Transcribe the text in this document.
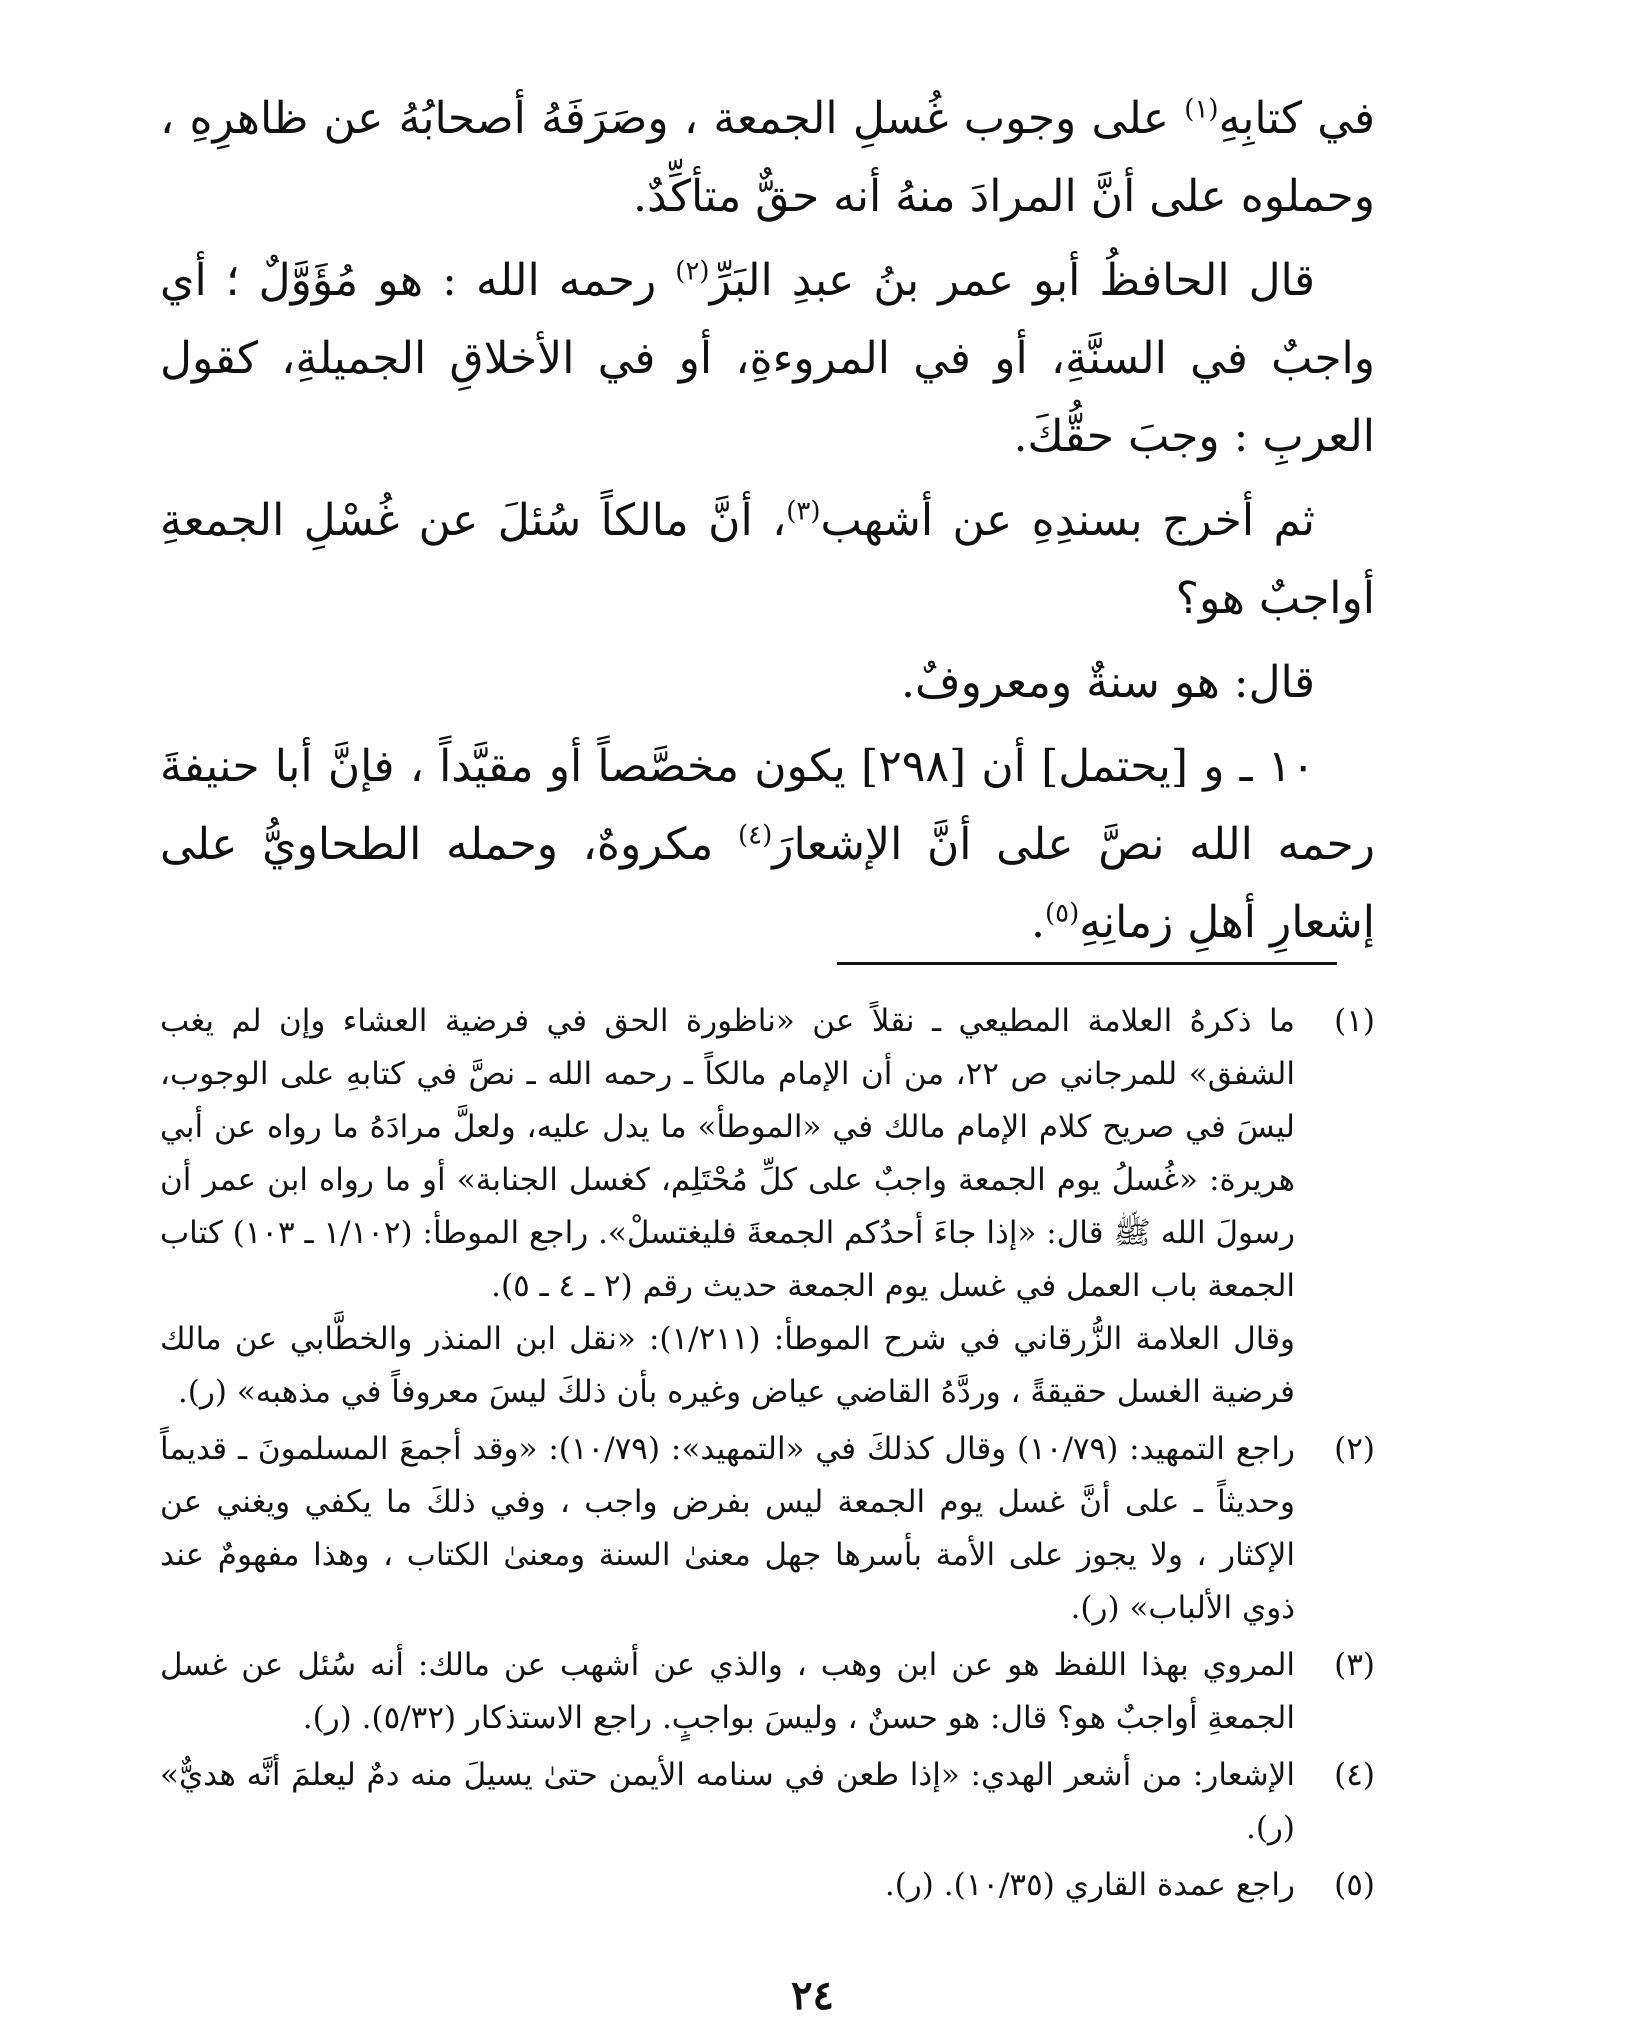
في كتابِهِ$^{(١)}$ على وجوب غُسلِ الجمعة ، وصَرَفَهُ أصحابُهُ عن ظاهرِهِ ، وحملوه على أنَّ المرادَ منهُ أنه حقٌّ متأكِّدٌ.

قال الحافظُ أبو عمر بنُ عبدِ البَرِّ$^{(٢)}$ رحمه الله : هو مُؤَوَّلٌ ؛ أي واجبٌ في السنَّةِ، أو في المروءةِ، أو في الأخلاقِ الجميلةِ، كقول العربِ : وجبَ حقُّكَ.

ثم أخرج بسندِهِ عن أشهب$^{(٣)}$، أنَّ مالكاً سُئلَ عن غُسْلِ الجمعةِ أواجبٌ هو؟

قال: هو سنةٌ ومعروفٌ.

١٠ ـ و [يحتمل] أن [٢٩٨] يكون مخصَّصاً أو مقيَّداً ، فإنَّ أبا حنيفةَ رحمه الله نصَّ على أنَّ الإشعارَ$^{(٤)}$ مكروهٌ، وحمله الطحاويُّ على إشعارِ أهلِ زمانِهِ$^{(٥)}$.

(١)

ما ذكرهُ العلامة المطيعي ـ نقلاً عن «ناظورة الحق في فرضية العشاء وإن لم يغب الشفق» للمرجاني ص ٢٢، من أن الإمام مالكاً ـ رحمه الله ـ نصَّ في كتابهِ على الوجوب، ليسَ في صريح كلام الإمام مالك في «الموطأ» ما يدل عليه، ولعلَّ مرادَهُ ما رواه عن أبي هريرة: «غُسلُ يوم الجمعة واجبٌ على كلِّ مُحْتَلِم، كغسل الجنابة» أو ما رواه ابن عمر أن رسولَ الله ﷺ قال: «إذا جاءَ أحدُكم الجمعةَ فليغتسلْ». راجع الموطأ: (١/١٠٢ ـ ١٠٣) كتاب الجمعة باب العمل في غسل يوم الجمعة حديث رقم (٢ ـ ٤ ـ ٥).

وقال العلامة الزُّرقاني في شرح الموطأ: (١/٢١١): «نقل ابن المنذر والخطَّابي عن مالك فرضية الغسل حقيقةً ، وردَّهُ القاضي عياض وغيره بأن ذلكَ ليسَ معروفاً في مذهبه» (ر).

(٢)

راجع التمهيد: (١٠/٧٩) وقال كذلكَ في «التمهيد»: (١٠/٧٩): «وقد أجمعَ المسلمونَ ـ قديماً وحديثاً ـ على أنَّ غسل يوم الجمعة ليس بفرض واجب ، وفي ذلكَ ما يكفي ويغني عن الإكثار ، ولا يجوز على الأمة بأسرها جهل معنىٰ السنة ومعنىٰ الكتاب ، وهذا مفهومٌ عند ذوي الألباب» (ر).

(٣)

المروي بهذا اللفظ هو عن ابن وهب ، والذي عن أشهب عن مالك: أنه سُئل عن غسل الجمعةِ أواجبٌ هو؟ قال: هو حسنٌ ، وليسَ بواجبٍ. راجع الاستذكار (٥/٣٢). (ر).

(٤)

الإشعار: من أشعر الهدي: «إذا طعن في سنامه الأيمن حتىٰ يسيلَ منه دمٌ ليعلمَ أنَّه هديٌّ» (ر).

(٥)

راجع عمدة القاري (١٠/٣٥). (ر).

٢٤
